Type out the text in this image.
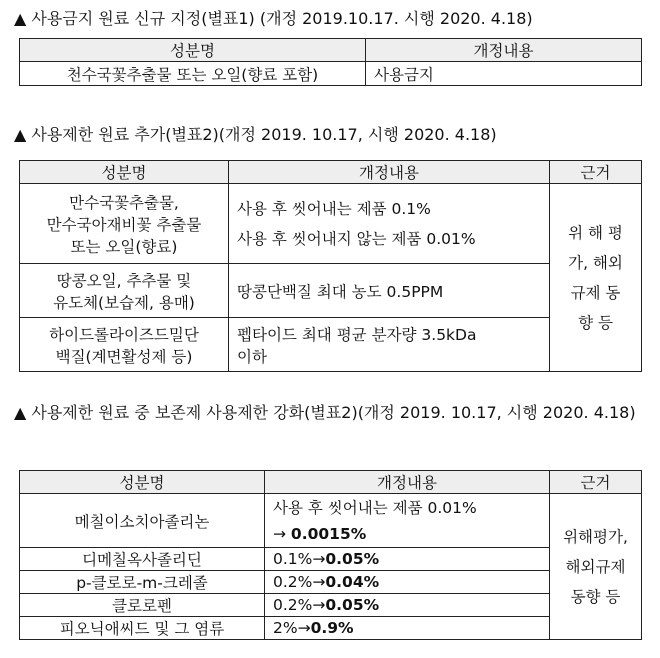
▲ 사용금지 원료 신규 지정(별표1) (개정 2019.10.17. 시행 2020. 4.18)
성분명	개정내용
천수국꽃추출물 또는 오일(향료 포함)	사용금지
▲ 사용제한 원료 추가(별표2)(개정 2019. 10.17, 시행 2020. 4.18)
성분명	개정내용	근거

만수국꽃추출물,
만수국아재비꽃 추출물
또는 오일(향료)	사용 후 씻어내는 제품 0.1%
사용 후 씻어내지 않는 제품 0.01%	위 해 평
가, 해외
규제 동
향 등

땅콩오일, 추추물 및
유도체(보습제, 용매)	땅콩단백질 최대 농도 0.5PPM	

하이드롤라이즈드밀단
백질(계면활성제 등)	펩타이드 최대 평균 분자량 3.5kDa
이하	
▲ 사용제한 원료 중 보존제 사용제한 강화(별표2)(개정 2019. 10.17, 시행 2020. 4.18)
성분명	개정내용	근거
메칠이소치아졸리논	사용 후 씻어내는 제품 0.01%
→ 0.0015%	위해평가,
해외규제
동향 등

디메칠옥사졸리딘	0.1%→0.05%	
p-클로로-m-크레졸	0.2%→0.04%	
클로로펜	0.2%→0.05%	
피오닉애씨드 및 그 염류	2%→0.9%	
